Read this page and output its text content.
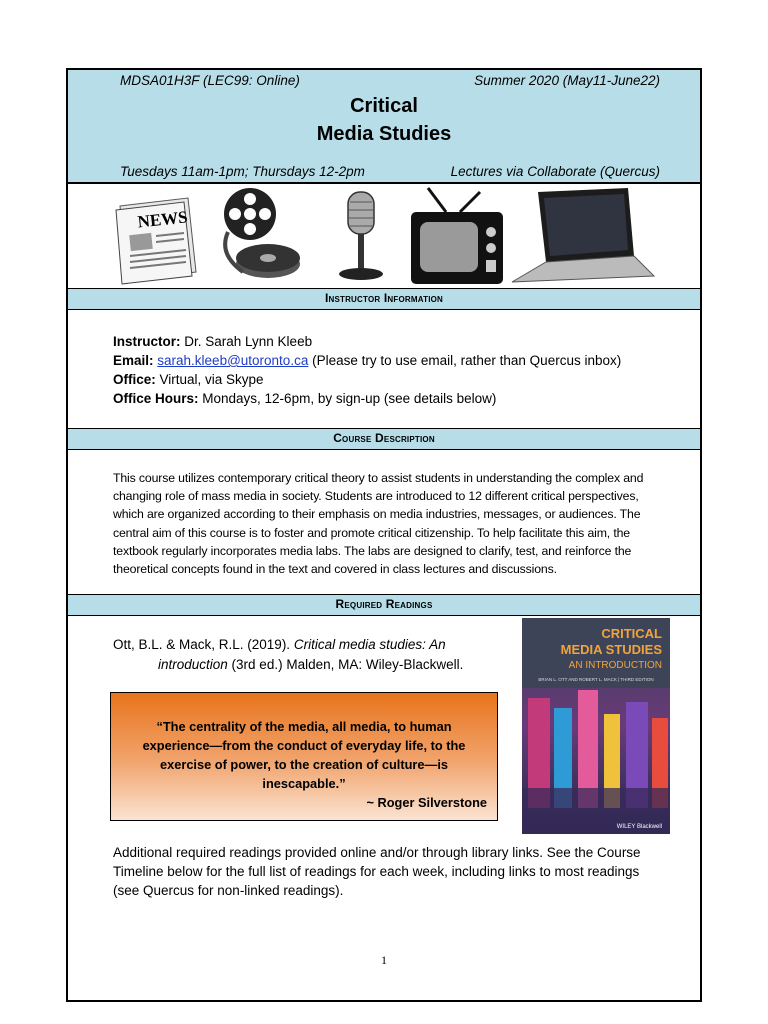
MDSA01H3F (LEC99: Online)	Summer 2020 (May11-June22)
Critical
Media Studies
Tuesdays 11am-1pm; Thursdays 12-2pm	Lectures via Collaborate (Quercus)
NEWS
Instructor Information
Instructor: Dr. Sarah Lynn Kleeb
Email: sarah.kleeb@utoronto.ca (Please try to use email, rather than Quercus inbox)
Office: Virtual, via Skype
Office Hours: Mondays, 12-6pm, by sign-up (see details below)
Course Description
This course utilizes contemporary critical theory to assist students in understanding the complex and
changing role of mass media in society. Students are introduced to 12 different critical perspectives,
which are organized according to their emphasis on media industries, messages, or audiences. The
central aim of this course is to foster and promote critical citizenship. To help facilitate this aim, the
textbook regularly incorporates media labs. The labs are designed to clarify, test, and reinforce the
theoretical concepts found in the text and covered in class lectures and discussions.
Required Readings
Ott, B.L. & Mack, R.L. (2019). Critical media studies: An
introduction (3rd ed.) Malden, MA: Wiley-Blackwell.
“The centrality of the media, all media, to human
experience—from the conduct of everyday life, to the
exercise of power, to the creation of culture—is
inescapable.”
~ Roger Silverstone
CRITICAL
MEDIA STUDIES
AN INTRODUCTION
BRIAN L. OTT AND ROBERT L. MACK | THIRD EDITION
WILEY Blackwell
Additional required readings provided online and/or through library links. See the Course
Timeline below for the full list of readings for each week, including links to most readings
(see Quercus for non-linked readings).
1
